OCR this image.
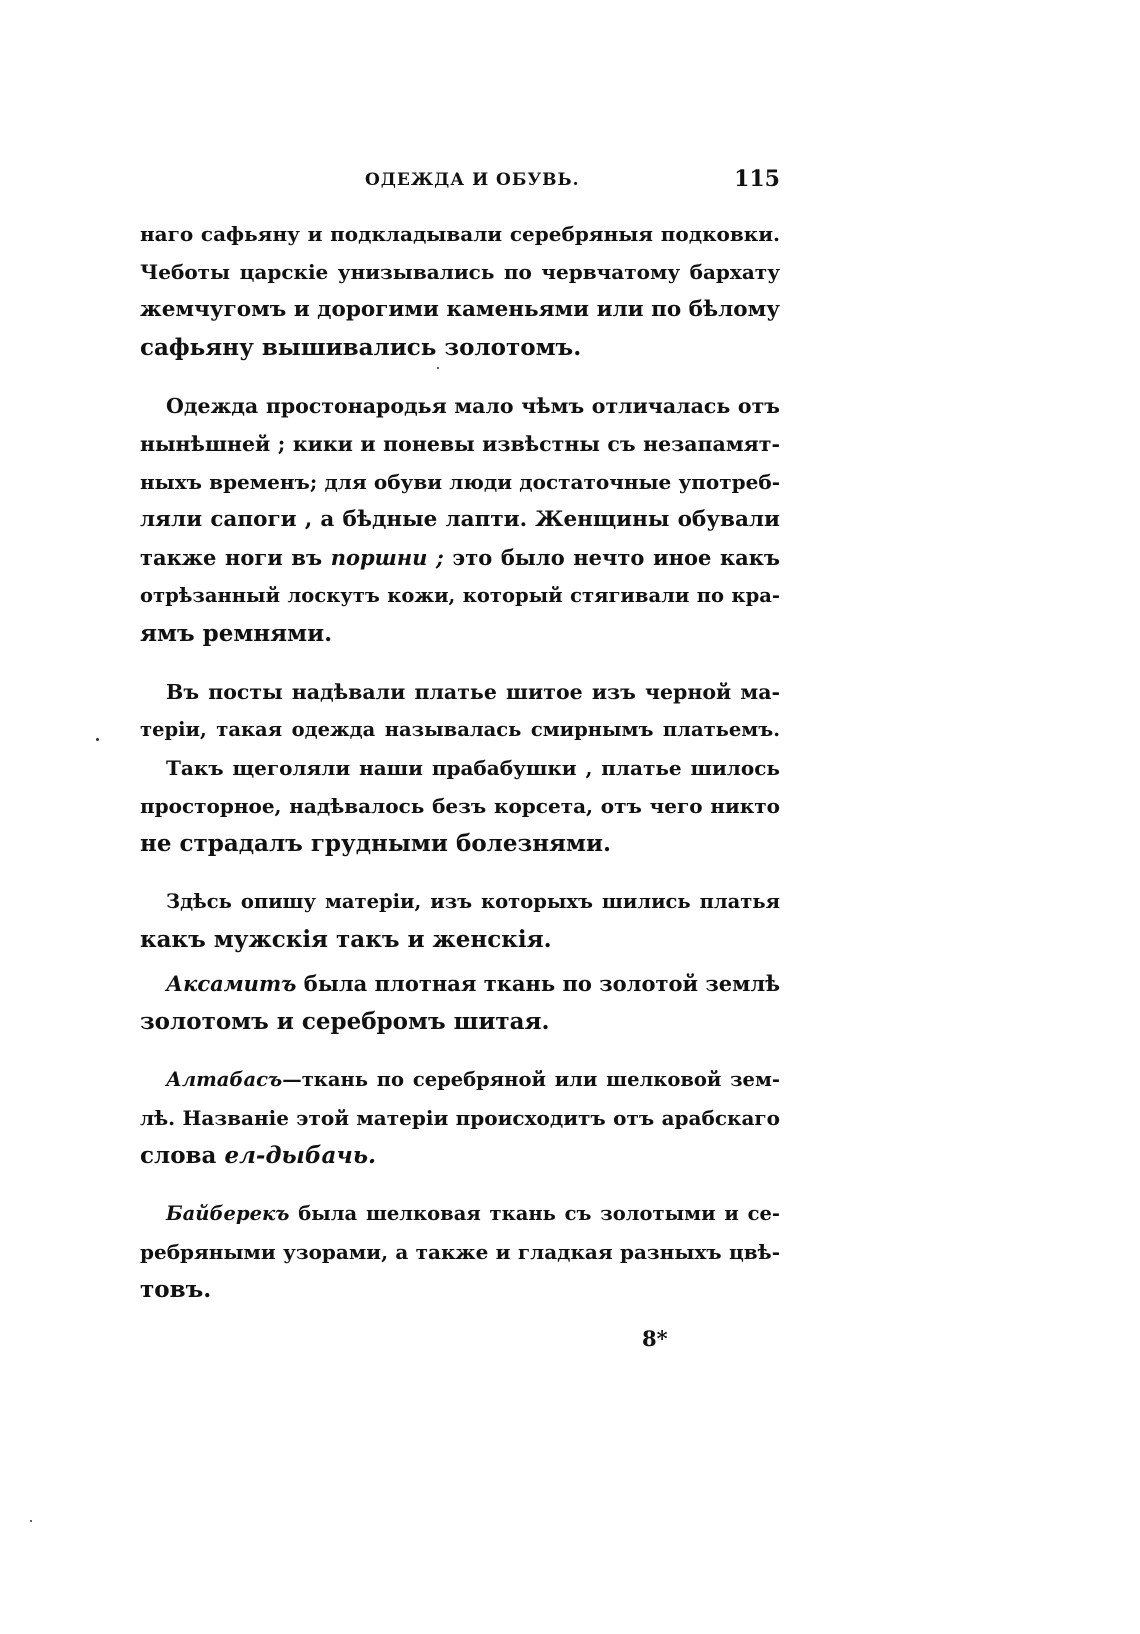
ОДЕЖДА И ОБУВЬ.	115
наго сафьяну и подкладывали серебряныя подковки.
Чеботы царскіе унизывались по червчатому бархату
жемчугомъ и дорогими каменьями или по бѣлому
сафьяну вышивались золотомъ.
Одежда простонародья мало чѣмъ отличалась отъ
нынѣшней ; кики и поневы извѣстны съ незапамят-
ныхъ временъ; для обуви люди достаточные употреб-
ляли сапоги , а бѣдные лапти. Женщины обували
также ноги въ поршни ; это было нечто иное какъ
отрѣзанный лоскутъ кожи, который стягивали по кра-
ямъ ремнями.
Въ посты надѣвали платье шитое изъ черной ма-
теріи, такая одежда называлась смирнымъ платьемъ.
Такъ щеголяли наши прабабушки , платье шилось
просторное, надѣвалось безъ корсета, отъ чего никто
не страдалъ грудными болезнями.
Здѣсь опишу матеріи, изъ которыхъ шились платья
какъ мужскія такъ и женскія.
Аксамитъ была плотная ткань по золотой землѣ
золотомъ и серебромъ шитая.
Алтабасъ—ткань по серебряной или шелковой зем-
лѣ. Названіе этой матеріи происходитъ отъ арабскаго
слова ел-дыбачь.
Байберекъ была шелковая ткань съ золотыми и се-
ребряными узорами, а также и гладкая разныхъ цвѣ-
товъ.
8*
